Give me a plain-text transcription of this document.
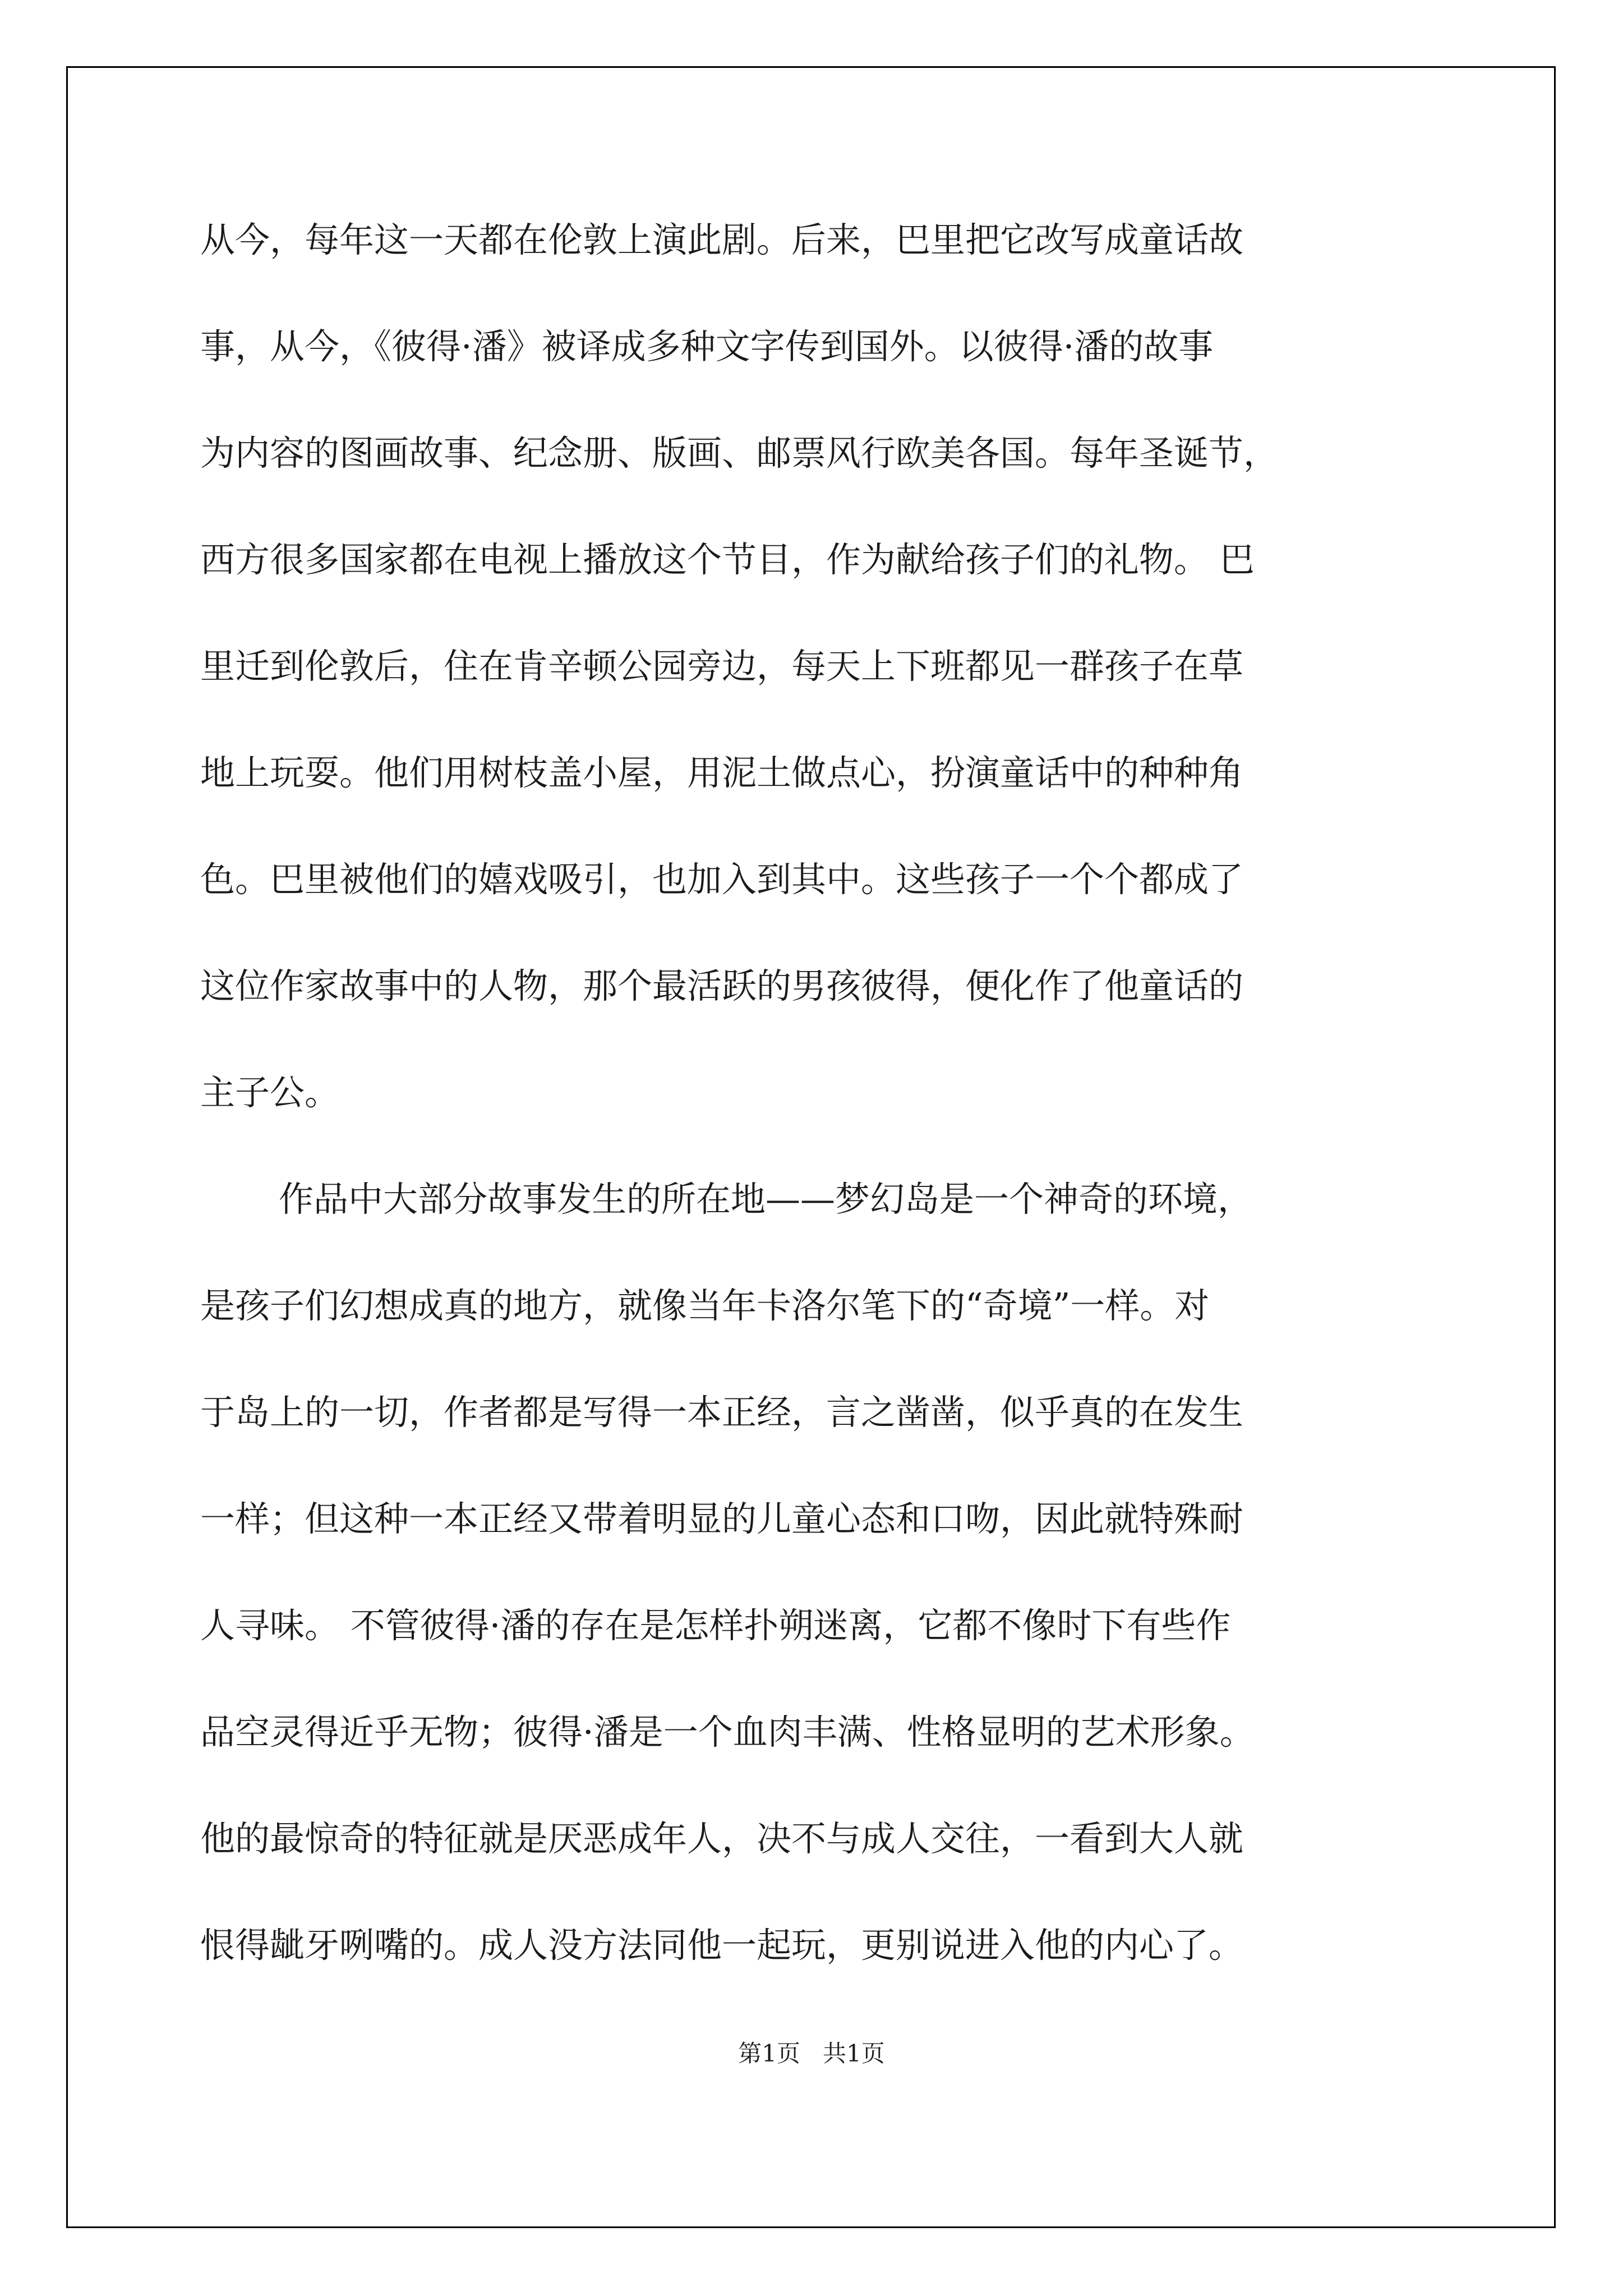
从今，每年这一天都在伦敦上演此剧。后来，巴里把它改写成童话故
事，从今，《彼得·潘》被译成多种文字传到国外。以彼得·潘的故事
为内容的图画故事、纪念册、版画、邮票风行欧美各国。每年圣诞节，
西方很多国家都在电视上播放这个节目，作为献给孩子们的礼物。 巴
里迁到伦敦后，住在肯辛顿公园旁边，每天上下班都见一群孩子在草
地上玩耍。他们用树枝盖小屋，用泥土做点心，扮演童话中的种种角
色。巴里被他们的嬉戏吸引，也加入到其中。这些孩子一个个都成了
这位作家故事中的人物，那个最活跃的男孩彼得，便化作了他童话的
主子公。
作品中大部分故事发生的所在地——梦幻岛是一个神奇的环境，
是孩子们幻想成真的地方，就像当年卡洛尔笔下的“奇境”一样。对
于岛上的一切，作者都是写得一本正经，言之凿凿，似乎真的在发生
一样；但这种一本正经又带着明显的儿童心态和口吻，因此就特殊耐
人寻味。 不管彼得·潘的存在是怎样扑朔迷离，它都不像时下有些作
品空灵得近乎无物；彼得·潘是一个血肉丰满、性格显明的艺术形象。
他的最惊奇的特征就是厌恶成年人，决不与成人交往，一看到大人就
恨得龇牙咧嘴的。成人没方法同他一起玩，更别说进入他的内心了。
第1页   共1页
